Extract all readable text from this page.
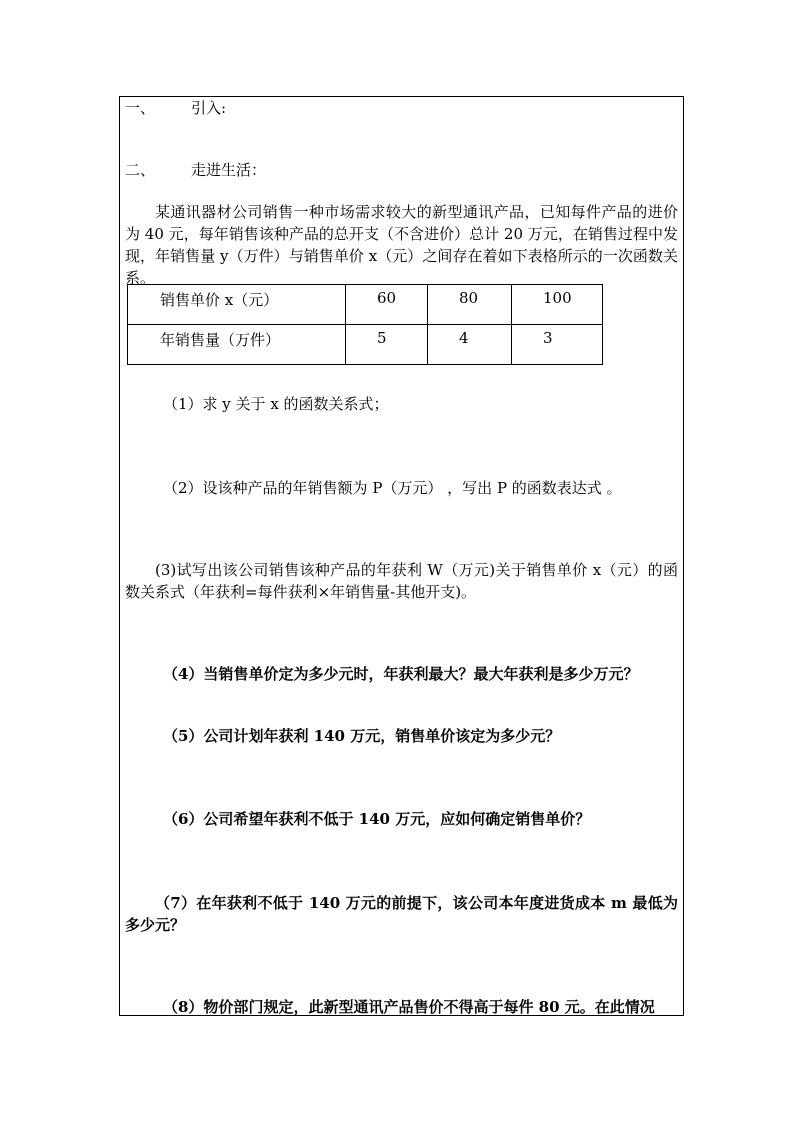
一、 引入:
二、 走进生活：
某通讯器材公司销售一种市场需求较大的新型通讯产品，已知每件产品的进价为 40 元，每年销售该种产品的总开支（不含进价）总计 20 万元，在销售过程中发现，年销售量 y（万件）与销售单价 x（元）之间存在着如下表格所示的一次函数关系。
销售单价 x（元）	60	80	100
年销售量（万件）	5	4	3
（1）求 y 关于 x 的函数关系式；
（2）设该种产品的年销售额为 P（万元） ，写出 P 的函数表达式 。
(3)试写出该公司销售该种产品的年获利 W（万元)关于销售单价 x（元）的函数关系式（年获利=每件获利×年销售量-其他开支)。
（4）当销售单价定为多少元时，年获利最大？最大年获利是多少万元？
（5）公司计划年获利 140 万元，销售单价该定为多少元？
（6）公司希望年获利不低于 140 万元，应如何确定销售单价？
（7）在年获利不低于 140 万元的前提下，该公司本年度进货成本 m 最低为多少元？
（8）物价部门规定，此新型通讯产品售价不得高于每件 80 元。在此情况
